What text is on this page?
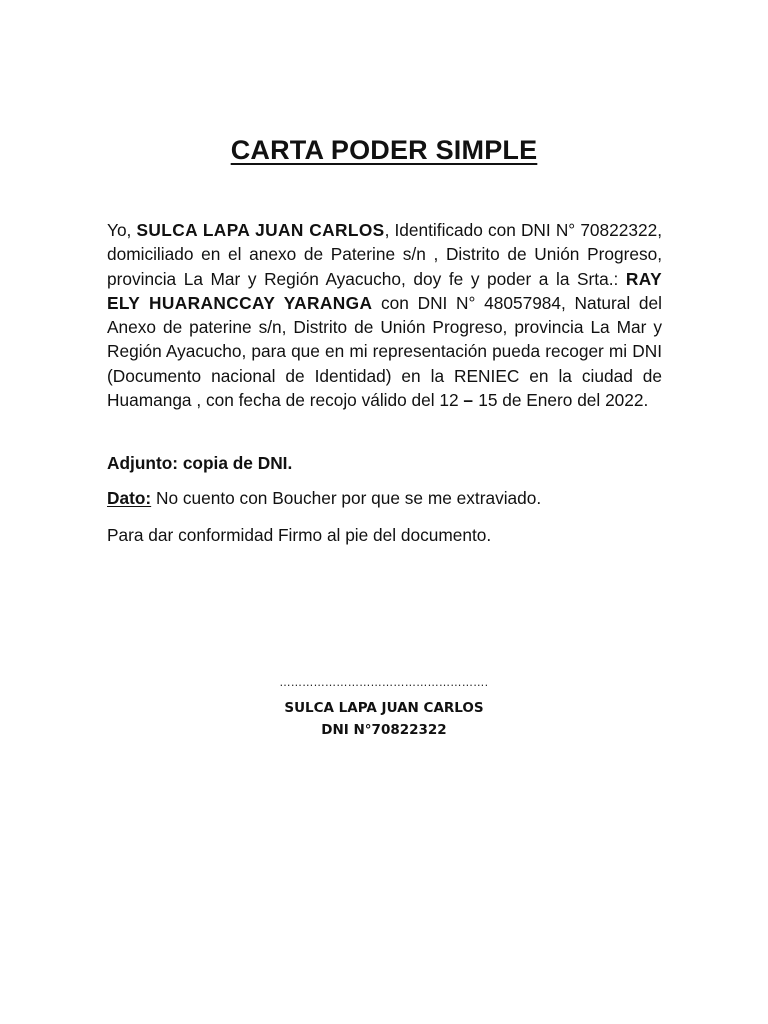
CARTA PODER SIMPLE

Yo, SULCA LAPA JUAN CARLOS, Identificado con DNI N° 70822322, domiciliado en el anexo de Paterine s/n , Distrito de Unión Progreso, provincia La Mar y Región Ayacucho, doy fe y poder a la Srta.: RAY ELY HUARANCCAY YARANGA con DNI N° 48057984, Natural del Anexo de paterine s/n, Distrito de Unión Progreso, provincia La Mar y Región Ayacucho, para que en mi representación pueda recoger mi DNI (Documento nacional de Identidad) en la RENIEC en la ciudad de Huamanga , con fecha de recojo válido del 12 – 15 de Enero del 2022.

Adjunto: copia de DNI.

Dato: No cuento con Boucher por que se me extraviado.

Para dar conformidad Firmo al pie del documento.

……………………………………………….
SULCA LAPA JUAN CARLOS
DNI N°70822322
